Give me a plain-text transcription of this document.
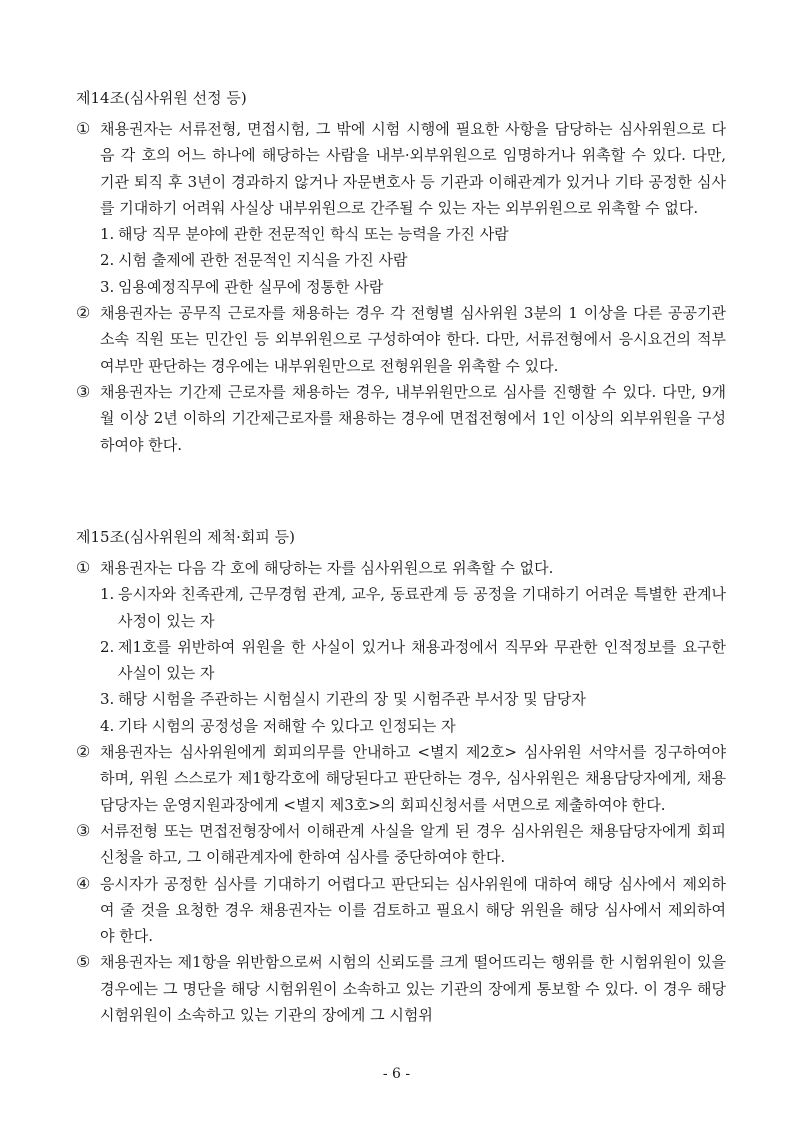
제14조(심사위원 선정 등)
① 채용권자는 서류전형, 면접시험, 그 밖에 시험 시행에 필요한 사항을 담당하는 심사위원으로 다음 각 호의 어느 하나에 해당하는 사람을 내부·외부위원으로 임명하거나 위촉할 수 있다. 다만, 기관 퇴직 후 3년이 경과하지 않거나 자문변호사 등 기관과 이해관계가 있거나 기타 공정한 심사를 기대하기 어려워 사실상 내부위원으로 간주될 수 있는 자는 외부위원으로 위촉할 수 없다.
1. 해당 직무 분야에 관한 전문적인 학식 또는 능력을 가진 사람
2. 시험 출제에 관한 전문적인 지식을 가진 사람
3. 임용예정직무에 관한 실무에 정통한 사람
② 채용권자는 공무직 근로자를 채용하는 경우 각 전형별 심사위원 3분의 1 이상을 다른 공공기관 소속 직원 또는 민간인 등 외부위원으로 구성하여야 한다. 다만, 서류전형에서 응시요건의 적부여부만 판단하는 경우에는 내부위원만으로 전형위원을 위촉할 수 있다.
③ 채용권자는 기간제 근로자를 채용하는 경우, 내부위원만으로 심사를 진행할 수 있다. 다만, 9개월 이상 2년 이하의 기간제근로자를 채용하는 경우에 면접전형에서 1인 이상의 외부위원을 구성하여야 한다.
제15조(심사위원의 제척·회피 등)
① 채용권자는 다음 각 호에 해당하는 자를 심사위원으로 위촉할 수 없다.
1. 응시자와 친족관계, 근무경험 관계, 교우, 동료관계 등 공정을 기대하기 어려운 특별한 관계나 사정이 있는 자
2. 제1호를 위반하여 위원을 한 사실이 있거나 채용과정에서 직무와 무관한 인적정보를 요구한 사실이 있는 자
3. 해당 시험을 주관하는 시험실시 기관의 장 및 시험주관 부서장 및 담당자
4. 기타 시험의 공정성을 저해할 수 있다고 인정되는 자
② 채용권자는 심사위원에게 회피의무를 안내하고 <별지 제2호> 심사위원 서약서를 징구하여야 하며, 위원 스스로가 제1항각호에 해당된다고 판단하는 경우, 심사위원은 채용담당자에게, 채용담당자는 운영지원과장에게 <별지 제3호>의 회피신청서를 서면으로 제출하여야 한다.
③ 서류전형 또는 면접전형장에서 이해관계 사실을 알게 된 경우 심사위원은 채용담당자에게 회피 신청을 하고, 그 이해관계자에 한하여 심사를 중단하여야 한다.
④ 응시자가 공정한 심사를 기대하기 어렵다고 판단되는 심사위원에 대하여 해당 심사에서 제외하여 줄 것을 요청한 경우 채용권자는 이를 검토하고 필요시 해당 위원을 해당 심사에서 제외하여야 한다.
⑤ 채용권자는 제1항을 위반함으로써 시험의 신뢰도를 크게 떨어뜨리는 행위를 한 시험위원이 있을 경우에는 그 명단을 해당 시험위원이 소속하고 있는 기관의 장에게 통보할 수 있다. 이 경우 해당 시험위원이 소속하고 있는 기관의 장에게 그 시험위
- 6 -
